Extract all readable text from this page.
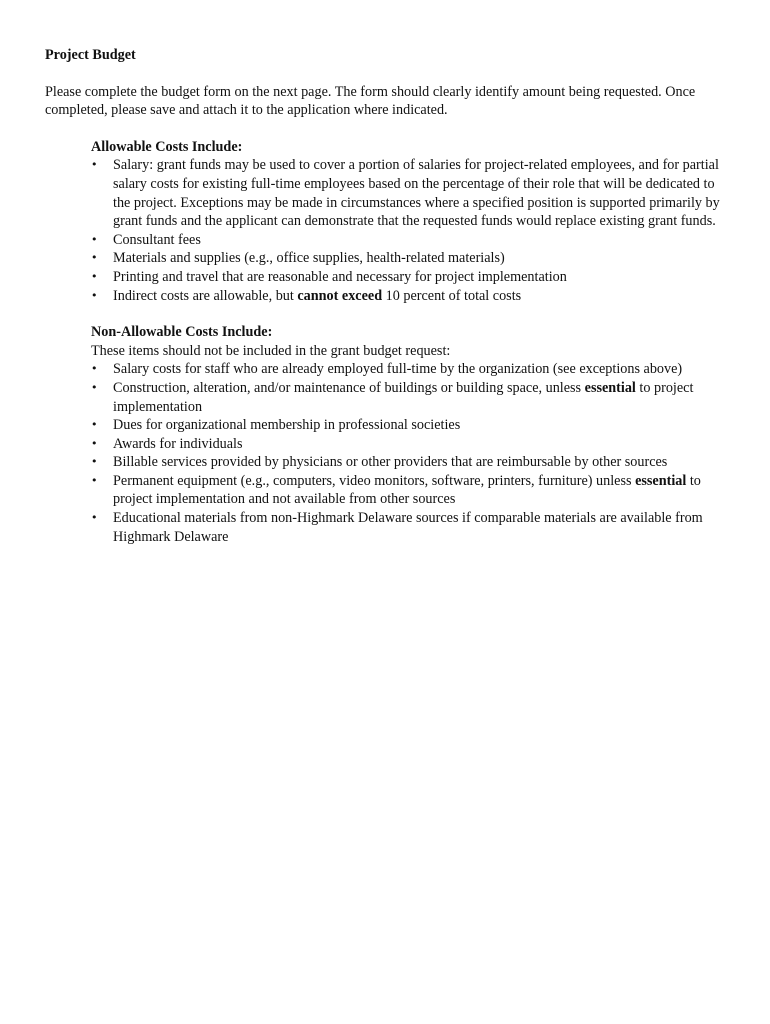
Project Budget

Please complete the budget form on the next page. The form should clearly identify amount being requested. Once completed, please save and attach it to the application where indicated.

Allowable Costs Include:

•	Salary: grant funds may be used to cover a portion of salaries for project-related employees, and for partial salary costs for existing full-time employees based on the percentage of their role that will be dedicated to the project. Exceptions may be made in circumstances where a specified position is supported primarily by grant funds and the applicant can demonstrate that the requested funds would replace existing grant funds.
•	Consultant fees
•	Materials and supplies (e.g., office supplies, health-related materials)
•	Printing and travel that are reasonable and necessary for project implementation
•	Indirect costs are allowable, but cannot exceed 10 percent of total costs

Non-Allowable Costs Include:

These items should not be included in the grant budget request:

•	Salary costs for staff who are already employed full-time by the organization (see exceptions above)
•	Construction, alteration, and/or maintenance of buildings or building space, unless essential to project implementation
•	Dues for organizational membership in professional societies
•	Awards for individuals
•	Billable services provided by physicians or other providers that are reimbursable by other sources
•	Permanent equipment (e.g., computers, video monitors, software, printers, furniture) unless essential to project implementation and not available from other sources
•	Educational materials from non-Highmark Delaware sources if comparable materials are available from Highmark Delaware
